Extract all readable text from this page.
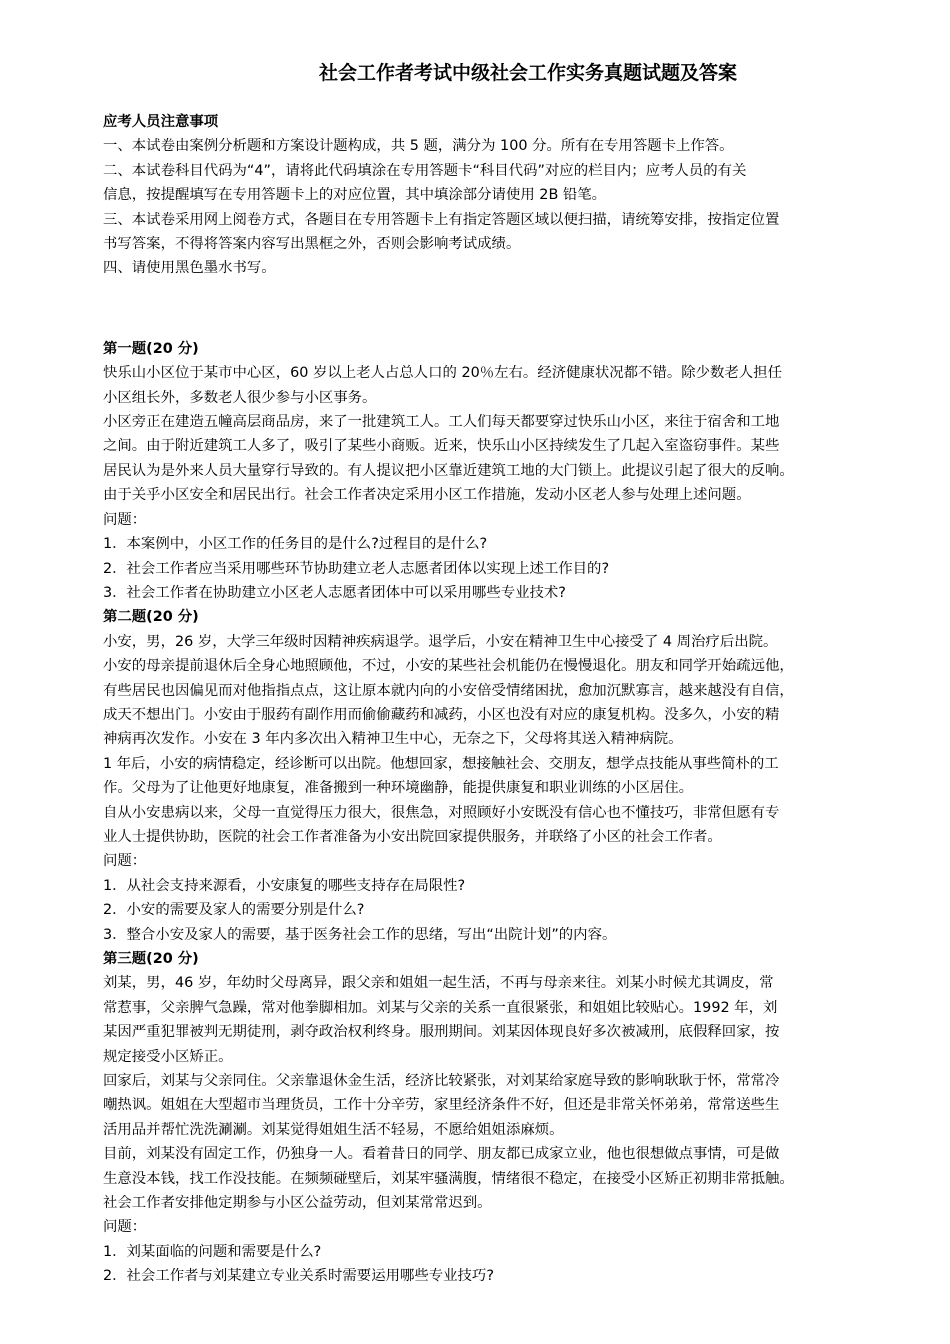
社会工作者考试中级社会工作实务真题试题及答案

应考人员注意事项

一、本试卷由案例分析题和方案设计题构成，共 5 题，满分为 100 分。所有在专用答题卡上作答。

二、本试卷科目代码为“4”，请将此代码填涂在专用答题卡“科目代码”对应的栏目内；应考人员的有关

信息，按提醒填写在专用答题卡上的对应位置，其中填涂部分请使用 2B 铅笔。

三、本试卷采用网上阅卷方式，各题目在专用答题卡上有指定答题区域以便扫描，请统筹安排，按指定位置

书写答案，不得将答案内容写出黑框之外，否则会影响考试成绩。

四、请使用黑色墨水书写。

第一题(20 分)

快乐山小区位于某市中心区，60 岁以上老人占总人口的 20％左右。经济健康状况都不错。除少数老人担任

小区组长外，多数老人很少参与小区事务。

小区旁正在建造五幢高层商品房，来了一批建筑工人。工人们每天都要穿过快乐山小区，来往于宿舍和工地

之间。由于附近建筑工人多了，吸引了某些小商贩。近来，快乐山小区持续发生了几起入室盗窃事件。某些

居民认为是外来人员大量穿行导致的。有人提议把小区靠近建筑工地的大门锁上。此提议引起了很大的反响。

由于关乎小区安全和居民出行。社会工作者决定采用小区工作措施，发动小区老人参与处理上述问题。

问题：

1．本案例中，小区工作的任务目的是什么?过程目的是什么?

2．社会工作者应当采用哪些环节协助建立老人志愿者团体以实现上述工作目的?

3．社会工作者在协助建立小区老人志愿者团体中可以采用哪些专业技术?

第二题(20 分)

小安，男，26 岁，大学三年级时因精神疾病退学。退学后，小安在精神卫生中心接受了 4 周治疗后出院。

小安的母亲提前退休后全身心地照顾他，不过，小安的某些社会机能仍在慢慢退化。朋友和同学开始疏远他，

有些居民也因偏见而对他指指点点，这让原本就内向的小安倍受情绪困扰，愈加沉默寡言，越来越没有自信，

成天不想出门。小安由于服药有副作用而偷偷藏药和减药，小区也没有对应的康复机构。没多久，小安的精

神病再次发作。小安在 3 年内多次出入精神卫生中心，无奈之下，父母将其送入精神病院。

1 年后，小安的病情稳定，经诊断可以出院。他想回家，想接触社会、交朋友，想学点技能从事些简朴的工

作。父母为了让他更好地康复，准备搬到一种环境幽静，能提供康复和职业训练的小区居住。

自从小安患病以来，父母一直觉得压力很大，很焦急，对照顾好小安既没有信心也不懂技巧，非常但愿有专

业人士提供协助，医院的社会工作者准备为小安出院回家提供服务，并联络了小区的社会工作者。

问题：

1．从社会支持来源看，小安康复的哪些支持存在局限性?

2．小安的需要及家人的需要分别是什么?

3．整合小安及家人的需要，基于医务社会工作的思绪，写出“出院计划”的内容。

第三题(20 分)

刘某，男，46 岁，年幼时父母离异，跟父亲和姐姐一起生活，不再与母亲来往。刘某小时候尤其调皮，常

常惹事，父亲脾气急躁，常对他拳脚相加。刘某与父亲的关系一直很紧张，和姐姐比较贴心。1992 年，刘

某因严重犯罪被判无期徒刑，剥夺政治权利终身。服刑期间。刘某因体现良好多次被减刑，底假释回家，按

规定接受小区矫正。

回家后，刘某与父亲同住。父亲靠退休金生活，经济比较紧张，对刘某给家庭导致的影响耿耿于怀，常常冷

嘲热讽。姐姐在大型超市当理货员，工作十分辛劳，家里经济条件不好，但还是非常关怀弟弟，常常送些生

活用品并帮忙洗洗涮涮。刘某觉得姐姐生活不轻易，不愿给姐姐添麻烦。

目前，刘某没有固定工作，仍独身一人。看着昔日的同学、朋友都已成家立业，他也很想做点事情，可是做

生意没本钱，找工作没技能。在频频碰壁后，刘某牢骚满腹，情绪很不稳定，在接受小区矫正初期非常抵触。

社会工作者安排他定期参与小区公益劳动，但刘某常常迟到。

问题：

1．刘某面临的问题和需要是什么?

2．社会工作者与刘某建立专业关系时需要运用哪些专业技巧?
